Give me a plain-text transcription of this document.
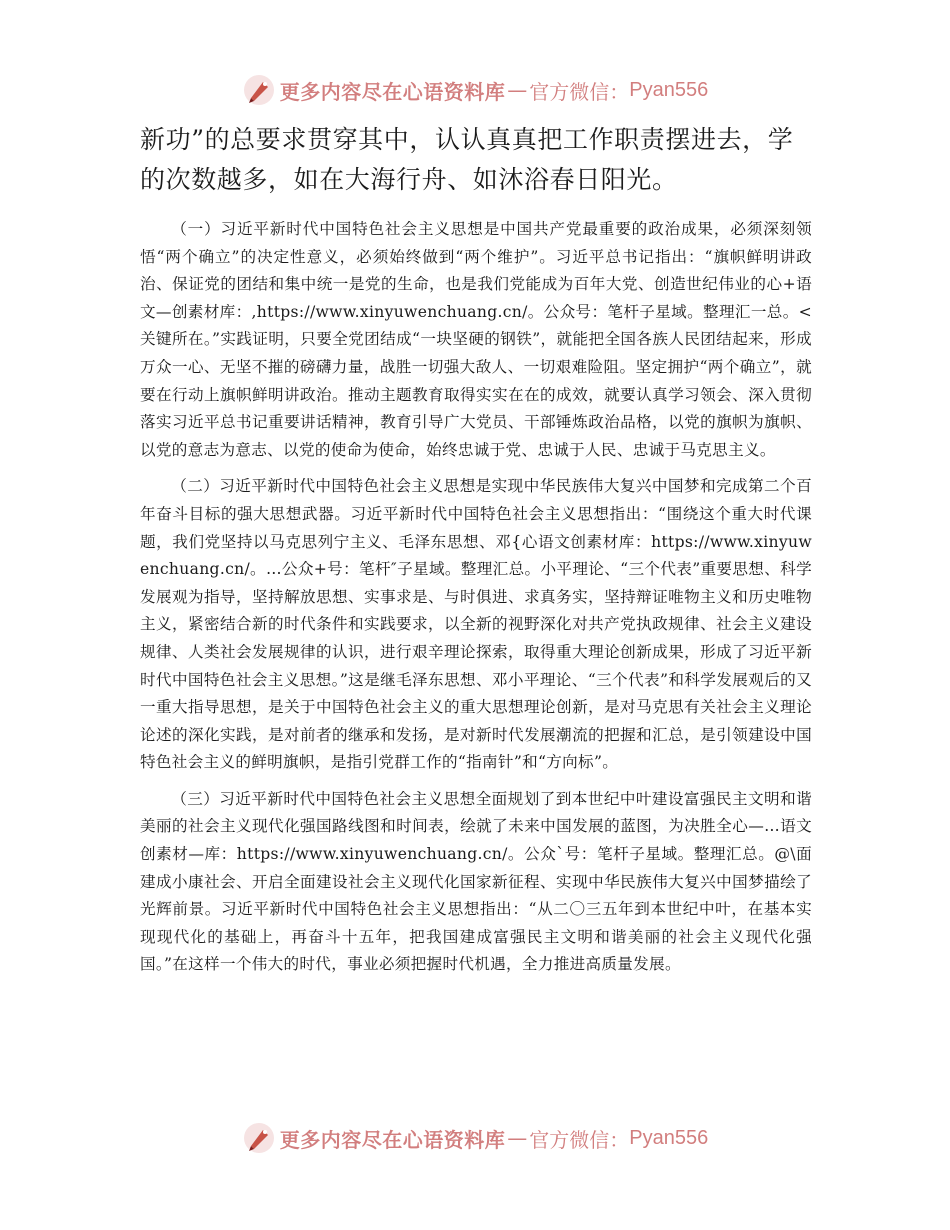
更多内容尽在心语资料库 — 官方微信： Pyan556

新功”的总要求贯穿其中，认认真真把工作职责摆进去，学的次数越多，如在大海行舟、如沐浴春日阳光。

（一）习近平新时代中国特色社会主义思想是中国共产党最重要的政治成果，必须深刻领悟“两个确立”的决定性意义，必须始终做到“两个维护”。习近平总书记指出：“旗帜鲜明讲政治、保证党的团结和集中统一是党的生命，也是我们党能成为百年大党、创造世纪伟业的心+语文—创素材库：,https://www.xinyuwenchuang.cn/。公众号：笔杆子星域。整理汇一总。<关键所在。”实践证明，只要全党团结成“一块坚硬的钢铁”，就能把全国各族人民团结起来，形成万众一心、无坚不摧的磅礴力量，战胜一切强大敌人、一切艰难险阻。坚定拥护“两个确立”，就要在行动上旗帜鲜明讲政治。推动主题教育取得实实在在的成效，就要认真学习领会、深入贯彻落实习近平总书记重要讲话精神，教育引导广大党员、干部锤炼政治品格，以党的旗帜为旗帜、以党的意志为意志、以党的使命为使命，始终忠诚于党、忠诚于人民、忠诚于马克思主义。

（二）习近平新时代中国特色社会主义思想是实现中华民族伟大复兴中国梦和完成第二个百年奋斗目标的强大思想武器。习近平新时代中国特色社会主义思想指出：“围绕这个重大时代课题，我们党坚持以马克思列宁主义、毛泽东思想、邓{心语文创素材库：https://www.xinyuwenchuang.cn/。…公众+号：笔杆″子星域。整理汇总。小平理论、“三个代表”重要思想、科学发展观为指导，坚持解放思想、实事求是、与时俱进、求真务实，坚持辩证唯物主义和历史唯物主义，紧密结合新的时代条件和实践要求，以全新的视野深化对共产党执政规律、社会主义建设规律、人类社会发展规律的认识，进行艰辛理论探索，取得重大理论创新成果，形成了习近平新时代中国特色社会主义思想。”这是继毛泽东思想、邓小平理论、“三个代表”和科学发展观后的又一重大指导思想，是关于中国特色社会主义的重大思想理论创新，是对马克思有关社会主义理论论述的深化实践，是对前者的继承和发扬，是对新时代发展潮流的把握和汇总，是引领建设中国特色社会主义的鲜明旗帜，是指引党群工作的“指南针”和“方向标”。

（三）习近平新时代中国特色社会主义思想全面规划了到本世纪中叶建设富强民主文明和谐美丽的社会主义现代化强国路线图和时间表，绘就了未来中国发展的蓝图，为决胜全心—…语文创素材—库：https://www.xinyuwenchuang.cn/。公众`号：笔杆子星域。整理汇总。@\面建成小康社会、开启全面建设社会主义现代化国家新征程、实现中华民族伟大复兴中国梦描绘了光辉前景。习近平新时代中国特色社会主义思想指出：“从二〇三五年到本世纪中叶，在基本实现现代化的基础上，再奋斗十五年，把我国建成富强民主文明和谐美丽的社会主义现代化强国。”在这样一个伟大的时代，事业必须把握时代机遇，全力推进高质量发展。

更多内容尽在心语资料库 — 官方微信： Pyan556
